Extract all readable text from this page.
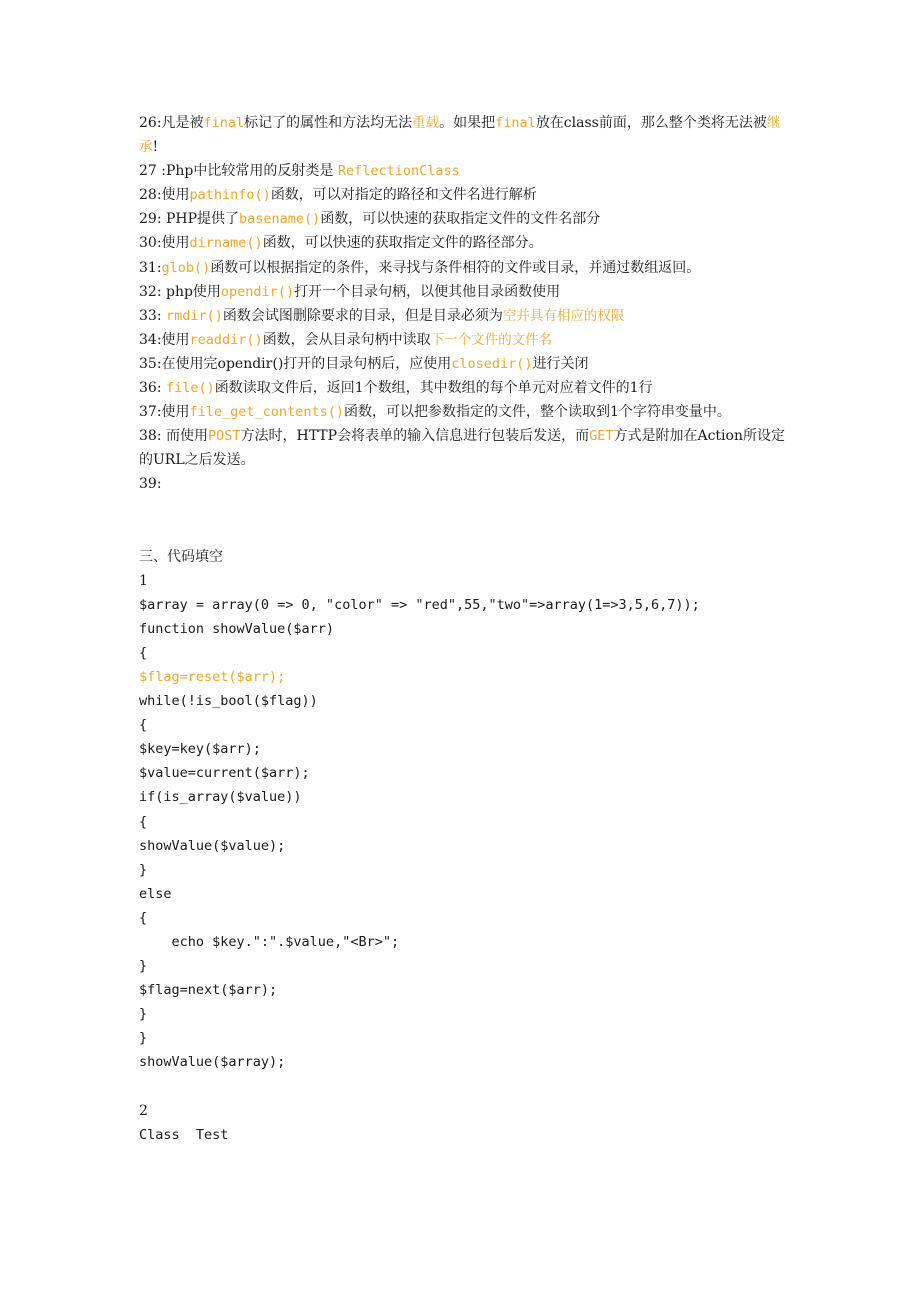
26:凡是被final标记了的属性和方法均无法重载。如果把final放在class前面，那么整个类将无法被继承!
27 :Php中比较常用的反射类是 ReflectionClass
28:使用pathinfo()函数，可以对指定的路径和文件名进行解析
29: PHP提供了basename()函数，可以快速的获取指定文件的文件名部分
30:使用dirname()函数，可以快速的获取指定文件的路径部分。
31:glob()函数可以根据指定的条件，来寻找与条件相符的文件或目录，并通过数组返回。
32: php使用opendir()打开一个目录句柄，以便其他目录函数使用
33: rmdir()函数会试图删除要求的目录，但是目录必须为空并具有相应的权限
34:使用readdir()函数，会从目录句柄中读取下一个文件的文件名
35:在使用完opendir()打开的目录句柄后，应使用closedir()进行关闭
36: file()函数读取文件后，返回1个数组，其中数组的每个单元对应着文件的1行
37:使用file_get_contents()函数，可以把参数指定的文件，整个读取到1个字符串变量中。
38: 而使用POST方法时，HTTP会将表单的输入信息进行包装后发送，而GET方式是附加在Action所设定的URL之后发送。
39:
三、代码填空
1
$array = array(0 => 0, "color" => "red",55,"two"=>array(1=>3,5,6,7));
function showValue($arr)
{
$flag=reset($arr);
while(!is_bool($flag))
{
$key=key($arr);
$value=current($arr);
if(is_array($value))
{
showValue($value);
}
else
{
echo $key.":".$value,"<Br>";
}
$flag=next($arr);
}
}
showValue($array);
2
Class  Test
